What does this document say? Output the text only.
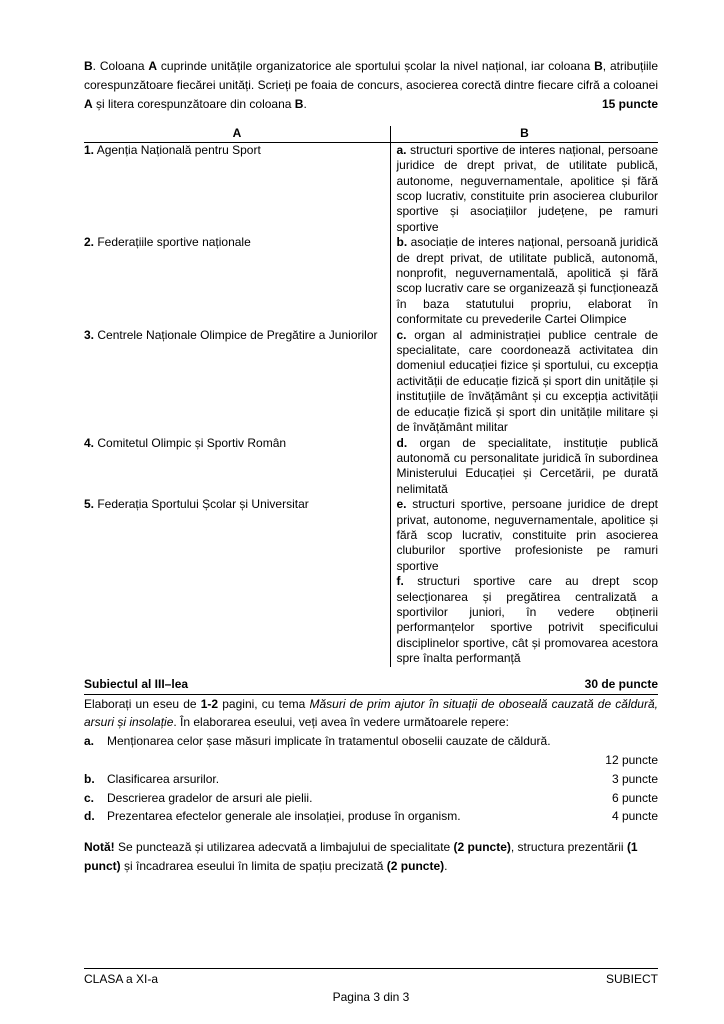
B. Coloana A cuprinde unitățile organizatorice ale sportului școlar la nivel național, iar coloana B, atribuțiile corespunzătoare fiecărei unități. Scrieți pe foaia de concurs, asocierea corectă dintre fiecare cifră a coloanei A și litera corespunzătoare din coloana B.	15 puncte

A	B
1. Agenția Națională pentru Sport	a. structuri sportive de interes național, persoane juridice de drept privat, de utilitate publică, autonome, neguvernamentale, apolitice și fără scop lucrativ, constituite prin asocierea cluburilor sportive și asociațiilor județene, pe ramuri sportive
2. Federațiile sportive naționale	b. asociație de interes național, persoană juridică de drept privat, de utilitate publică, autonomă, nonprofit, neguvernamentală, apolitică și fără scop lucrativ care se organizează și funcționează în baza statutului propriu, elaborat în conformitate cu prevederile Cartei Olimpice
3. Centrele Naționale Olimpice de Pregătire a Juniorilor	c. organ al administrației publice centrale de specialitate, care coordonează activitatea din domeniul educației fizice și sportului, cu excepția activității de educație fizică și sport din unitățile și instituțiile de învățământ și cu excepția activității de educație fizică și sport din unitățile militare și de învățământ militar
4. Comitetul Olimpic și Sportiv Român	d. organ de specialitate, instituție publică autonomă cu personalitate juridică în subordinea Ministerului Educației și Cercetării, pe durată nelimitată
5. Federația Sportului Școlar și Universitar	e. structuri sportive, persoane juridice de drept privat, autonome, neguvernamentale, apolitice și fără scop lucrativ, constituite prin asocierea cluburilor sportive profesioniste pe ramuri sportive
f. structuri sportive care au drept scop selecționarea și pregătirea centralizată a sportivilor juniori, în vedere obținerii performanțelor sportive potrivit specificului disciplinelor sportive, cât și promovarea acestora spre înalta performanță
Subiectul al III–lea	30 de puncte

Elaborați un eseu de 1-2 pagini, cu tema Măsuri de prim ajutor în situații de oboseală cauzată de căldură, arsuri și insolație. În elaborarea eseului, veți avea în vedere următoarele repere:

a.	Menționarea celor șase măsuri implicate în tratamentul oboselii cauzate de căldură.
12 puncte
b.	Clasificarea arsurilor.	3 puncte
c.	Descrierea gradelor de arsuri ale pielii.	6 puncte
d.	Prezentarea efectelor generale ale insolației, produse în organism.	4 puncte

Notă! Se punctează și utilizarea adecvată a limbajului de specialitate (2 puncte), structura prezentării (1 punct) și încadrarea eseului în limita de spațiu precizată (2 puncte).

CLASA a XI-a	SUBIECT
Pagina 3 din 3
